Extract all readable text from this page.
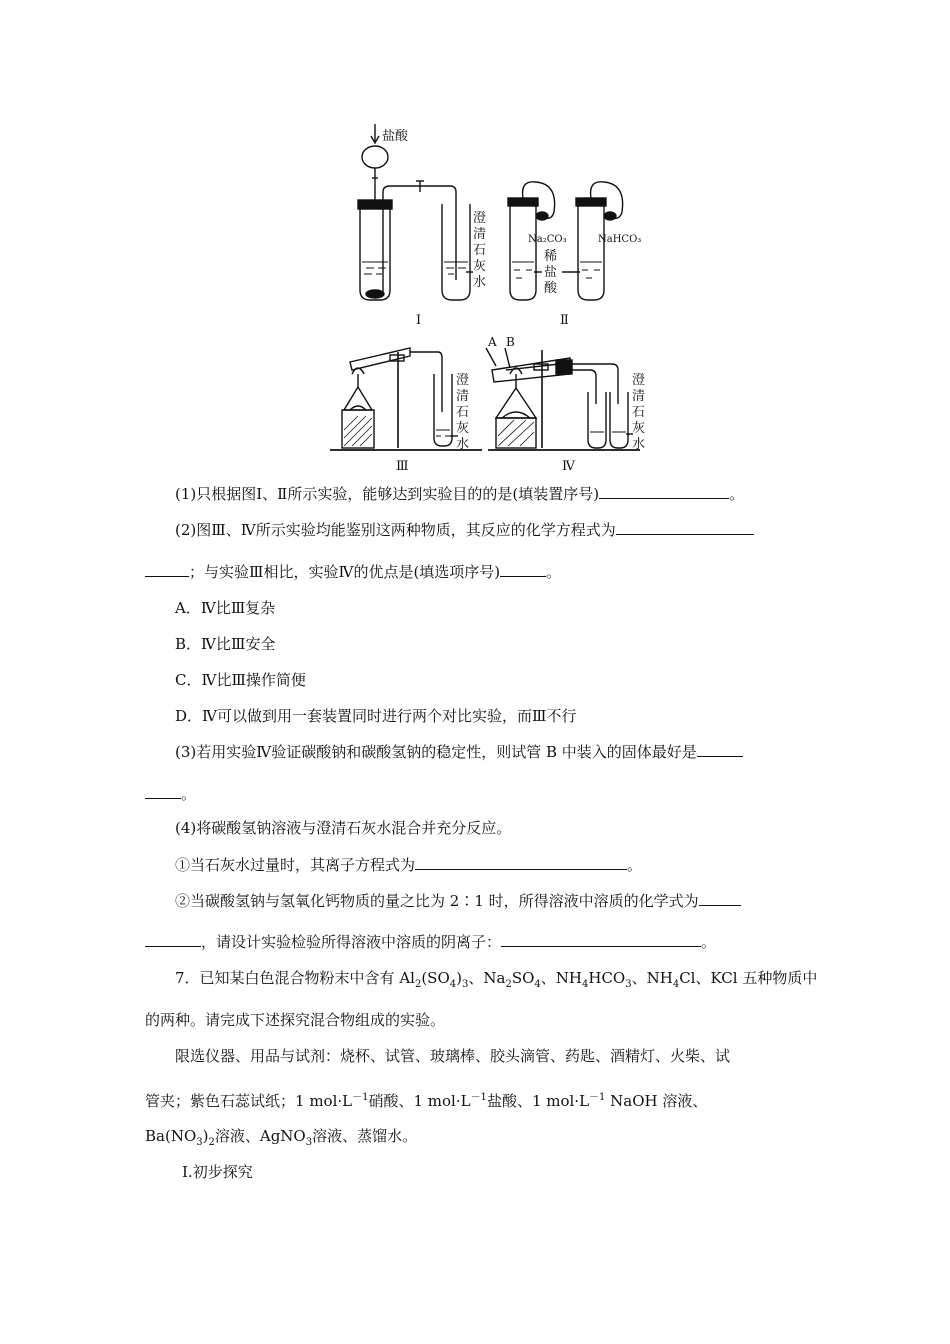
盐酸
澄
清
石
灰
水
Na₂CO₃	NaHCO₃
稀
盐
酸
Ⅰ	Ⅱ
澄
清
石
灰
水
澄
清
石
灰
水
Ⅲ	Ⅳ
A B
(1)只根据图Ⅰ、Ⅱ所示实验，能够达到实验目的的是(填装置序号)	。
(2)图Ⅲ、Ⅳ所示实验均能鉴别这两种物质，其反应的化学方程式为
；与实验Ⅲ相比，实验Ⅳ的优点是(填选项序号)	。
A．Ⅳ比Ⅲ复杂
B．Ⅳ比Ⅲ安全
C．Ⅳ比Ⅲ操作简便
D．Ⅳ可以做到用一套装置同时进行两个对比实验，而Ⅲ不行
(3)若用实验Ⅳ验证碳酸钠和碳酸氢钠的稳定性，则试管 B 中装入的固体最好是
。
(4)将碳酸氢钠溶液与澄清石灰水混合并充分反应。
①当石灰水过量时，其离子方程式为	。
②当碳酸氢钠与氢氧化钙物质的量之比为 2∶1 时，所得溶液中溶质的化学式为
，请设计实验检验所得溶液中溶质的阴离子：	。
7．已知某白色混合物粉末中含有 $Al_2(SO_4)_3$、$Na_2SO_4$、$NH_4HCO_3$、$NH_4Cl$、KCl 五种物质中
的两种。请完成下述探究混合物组成的实验。
限选仪器、用品与试剂：烧杯、试管、玻璃棒、胶头滴管、药匙、酒精灯、火柴、试
管夹；紫色石蕊试纸；1 $mol\cdot L^{-1}$硝酸、1 $mol\cdot L^{-1}$盐酸、1 $mol\cdot L^{-1}$ NaOH 溶液、
$Ba(NO_3)_2$溶液、AgNO$_3$溶液、蒸馏水。
Ⅰ.初步探究
